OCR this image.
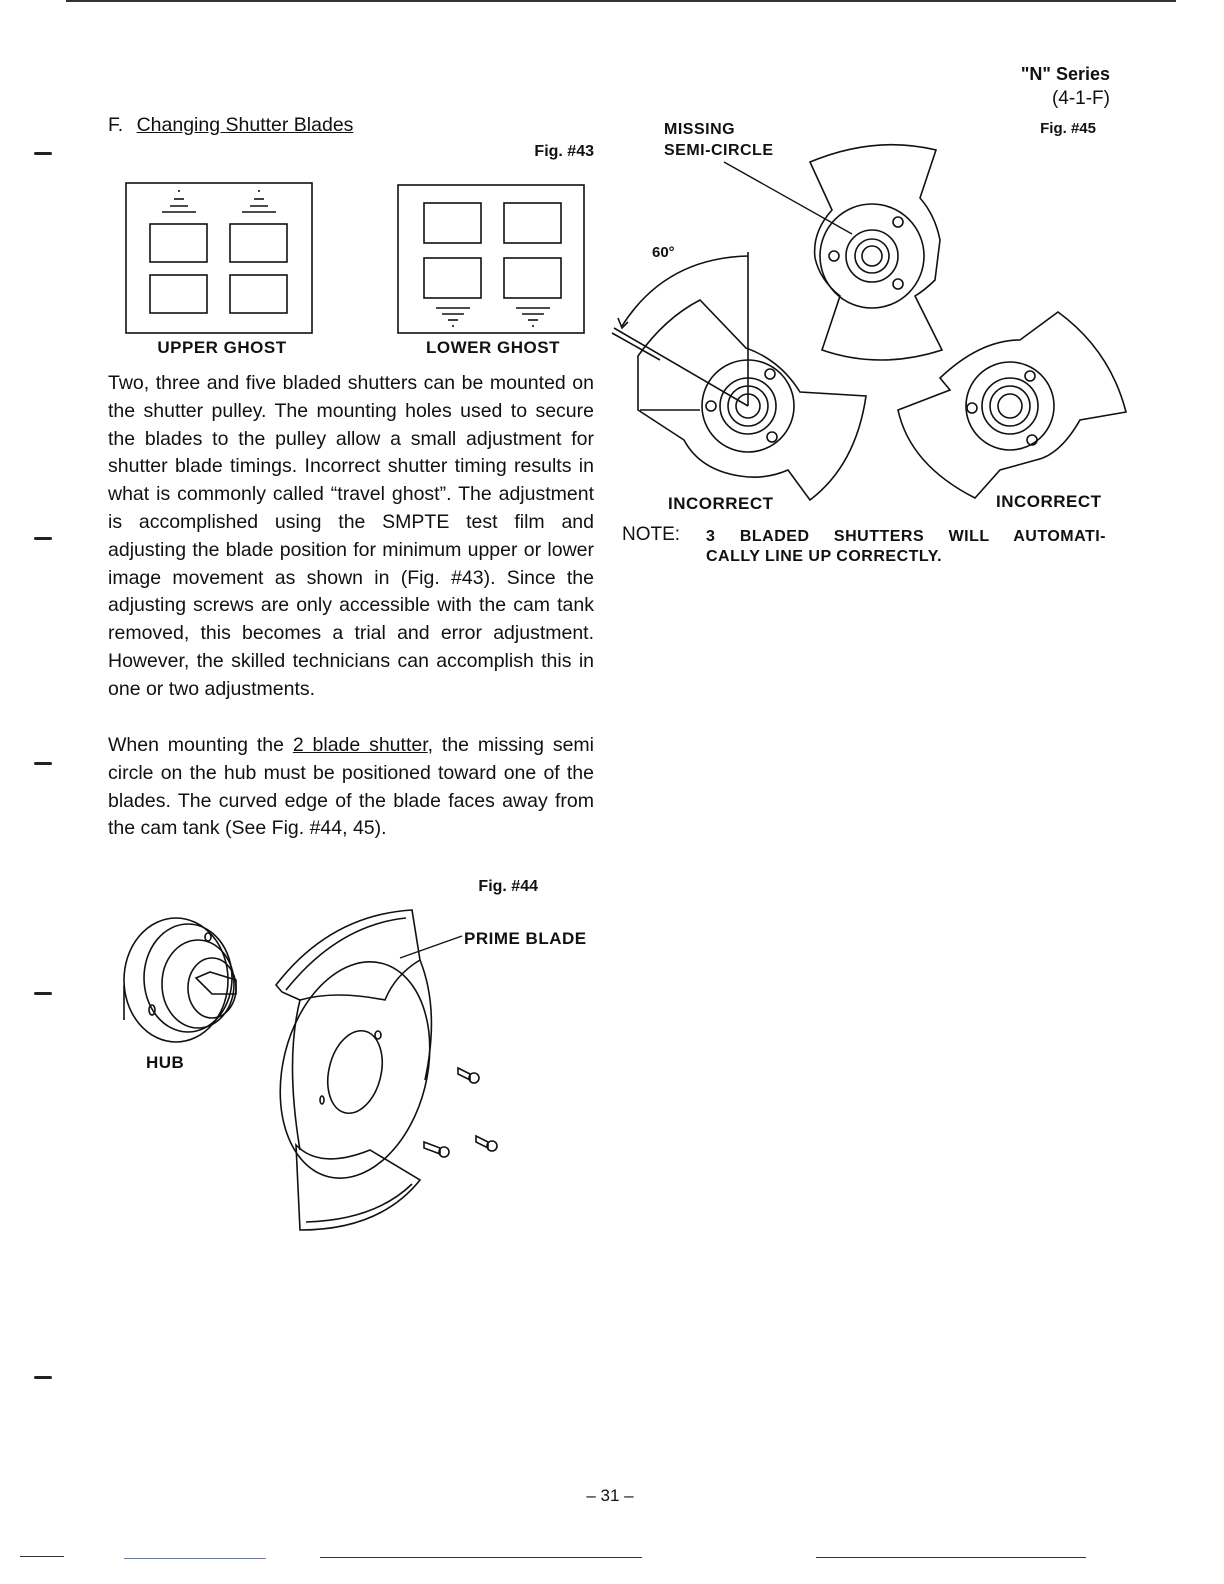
"N" Series
(4-1-F)
F. Changing Shutter Blades
Fig. #43
UPPER GHOST	LOWER GHOST

Two, three and five bladed shutters can be mounted on the shutter pulley. The mounting holes used to secure the blades to the pulley allow a small adjustment for shutter blade timings. Incorrect shutter timing results in what is commonly called “travel ghost”. The adjustment is accomplished using the SMPTE test film and adjusting the blade position for minimum upper or lower image movement as shown in (Fig. #43). Since the adjusting screws are only accessible with the cam tank removed, this becomes a trial and error adjustment. However, the skilled technicians can accomplish this in one or two adjustments.

When mounting the 2 blade shutter, the missing semi circle on the hub must be positioned toward one of the blades. The curved edge of the blade faces away from the cam tank (See Fig. #44, 45).

Fig. #44
PRIME BLADE
HUB
Fig. #45
MISSING
SEMI-CIRCLE
60°
INCORRECT	INCORRECT
NOTE: 3 BLADED SHUTTERS WILL AUTOMATI-
CALLY LINE UP CORRECTLY.
– 31 –
